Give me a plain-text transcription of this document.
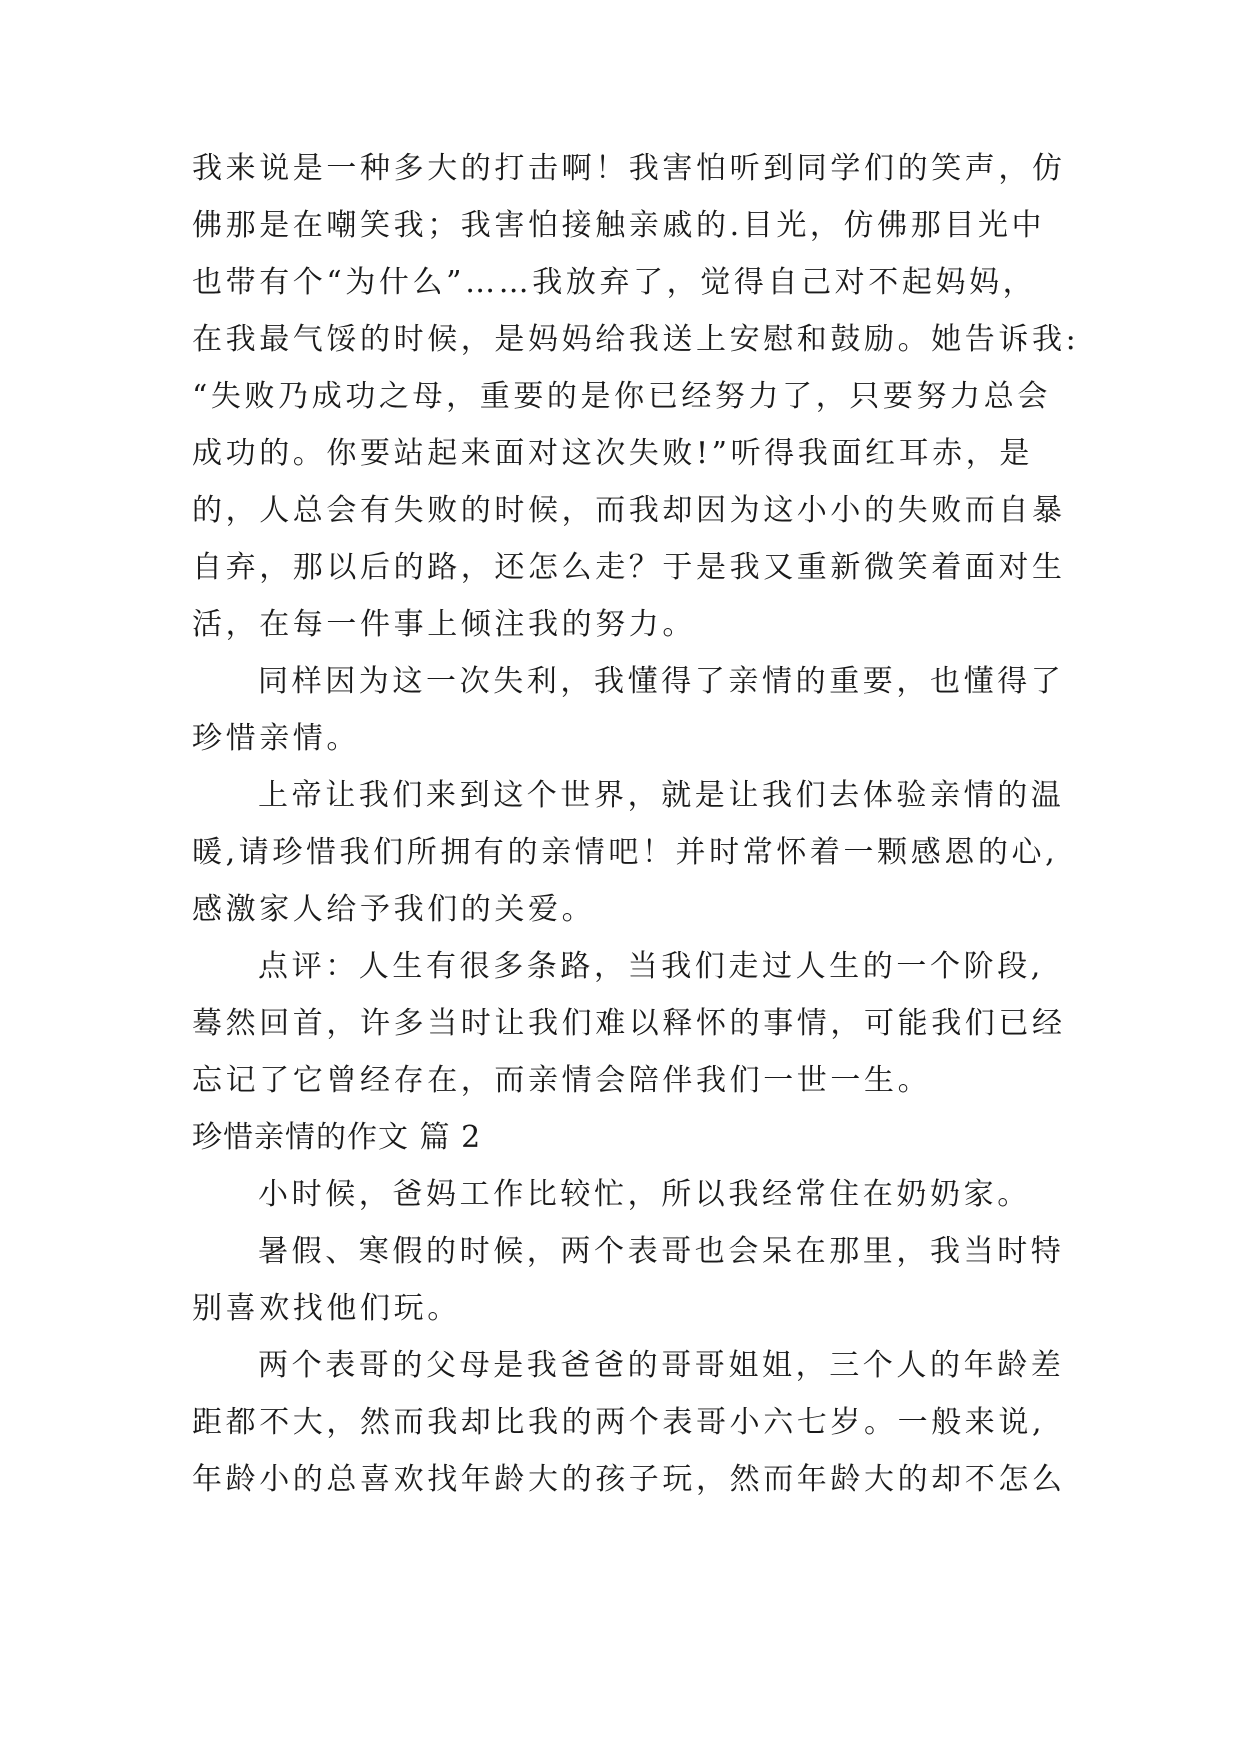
我来说是一种多大的打击啊！我害怕听到同学们的笑声，仿
佛那是在嘲笑我；我害怕接触亲戚的.目光，仿佛那目光中
也带有个“为什么”……我放弃了，觉得自己对不起妈妈，
在我最气馁的时候，是妈妈给我送上安慰和鼓励。她告诉我:
“失败乃成功之母，重要的是你已经努力了，只要努力总会
成功的。你要站起来面对这次失败!”听得我面红耳赤，是
的，人总会有失败的时候，而我却因为这小小的失败而自暴
自弃，那以后的路，还怎么走？于是我又重新微笑着面对生
活，在每一件事上倾注我的努力。
同样因为这一次失利，我懂得了亲情的重要，也懂得了
珍惜亲情。
上帝让我们来到这个世界，就是让我们去体验亲情的温
暖,请珍惜我们所拥有的亲情吧！并时常怀着一颗感恩的心,
感激家人给予我们的关爱。
点评：人生有很多条路，当我们走过人生的一个阶段,
蓦然回首，许多当时让我们难以释怀的事情，可能我们已经
忘记了它曾经存在，而亲情会陪伴我们一世一生。
珍惜亲情的作文 篇 2
小时候，爸妈工作比较忙，所以我经常住在奶奶家。
暑假、寒假的时候，两个表哥也会呆在那里，我当时特
别喜欢找他们玩。
两个表哥的父母是我爸爸的哥哥姐姐，三个人的年龄差
距都不大，然而我却比我的两个表哥小六七岁。一般来说,
年龄小的总喜欢找年龄大的孩子玩，然而年龄大的却不怎么
